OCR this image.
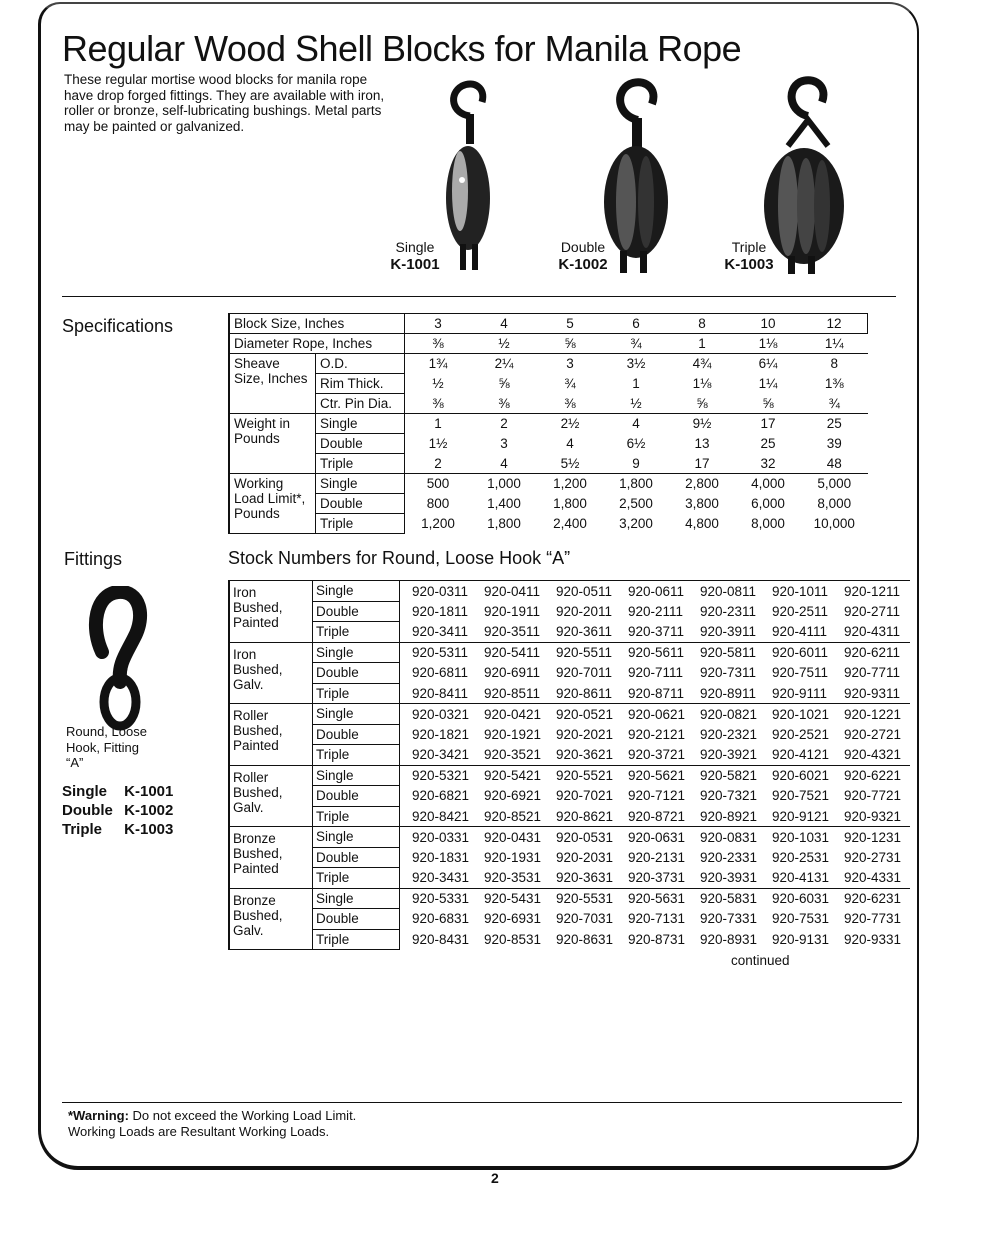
Regular Wood Shell Blocks for Manila Rope
These regular mortise wood blocks for manila rope have drop forged fittings. They are available with iron, roller or bronze, self-lubricating bushings. Metal parts may be painted or galvanized.
Single
K-1001
Double
K-1002
Triple
K-1003
Specifications	Block Size, Inches		3	4	5	6	8	10	12
Diameter Rope, Inches		⅜	½	⅝	¾	1	1⅛	1¼
Sheave Size, Inches	O.D.	1¾	2¼	3	3½	4¾	6¼	8
	Rim Thick.	½	⅝	¾	1	1⅛	1¼	1⅜
	Ctr. Pin Dia.	⅜	⅜	⅜	½	⅝	⅝	¾
Weight in Pounds	Single	1	2	2½	4	9½	17	25
	Double	1½	3	4	6½	13	25	39
	Triple	2	4	5½	9	17	32	48
Working Load Limit*, Pounds	Single	500	1,000	1,200	1,800	2,800	4,000	5,000
	Double	800	1,400	1,800	2,500	3,800	6,000	8,000
	Triple	1,200	1,800	2,400	3,200	4,800	8,000	10,000
Fittings	Stock Numbers for Round, Loose Hook “A”
Round, Loose Hook, Fitting “A”
Single K-1001
Double K-1002
Triple K-1003
Iron Bushed, Painted	Single	920-0311	920-0411	920-0511	920-0611	920-0811	920-1011	920-1211
	Double	920-1811	920-1911	920-2011	920-2111	920-2311	920-2511	920-2711
	Triple	920-3411	920-3511	920-3611	920-3711	920-3911	920-4111	920-4311
Iron Bushed, Galv.	Single	920-5311	920-5411	920-5511	920-5611	920-5811	920-6011	920-6211
	Double	920-6811	920-6911	920-7011	920-7111	920-7311	920-7511	920-7711
	Triple	920-8411	920-8511	920-8611	920-8711	920-8911	920-9111	920-9311
Roller Bushed, Painted	Single	920-0321	920-0421	920-0521	920-0621	920-0821	920-1021	920-1221
	Double	920-1821	920-1921	920-2021	920-2121	920-2321	920-2521	920-2721
	Triple	920-3421	920-3521	920-3621	920-3721	920-3921	920-4121	920-4321
Roller Bushed, Galv.	Single	920-5321	920-5421	920-5521	920-5621	920-5821	920-6021	920-6221
	Double	920-6821	920-6921	920-7021	920-7121	920-7321	920-7521	920-7721
	Triple	920-8421	920-8521	920-8621	920-8721	920-8921	920-9121	920-9321
Bronze Bushed, Painted	Single	920-0331	920-0431	920-0531	920-0631	920-0831	920-1031	920-1231
	Double	920-1831	920-1931	920-2031	920-2131	920-2331	920-2531	920-2731
	Triple	920-3431	920-3531	920-3631	920-3731	920-3931	920-4131	920-4331
Bronze Bushed, Galv.	Single	920-5331	920-5431	920-5531	920-5631	920-5831	920-6031	920-6231
	Double	920-6831	920-6931	920-7031	920-7131	920-7331	920-7531	920-7731
	Triple	920-8431	920-8531	920-8631	920-8731	920-8931	920-9131	920-9331
continued
*Warning: Do not exceed the Working Load Limit.
Working Loads are Resultant Working Loads.
2
